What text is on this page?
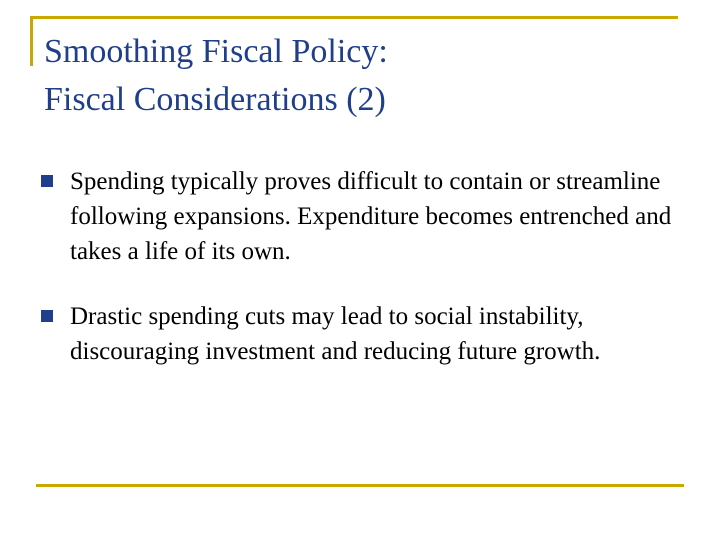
Smoothing Fiscal Policy:
Fiscal Considerations (2)
Spending typically proves difficult to contain or streamline following expansions. Expenditure becomes entrenched and takes a life of its own.
Drastic spending cuts may lead to social instability, discouraging investment and reducing future growth.
